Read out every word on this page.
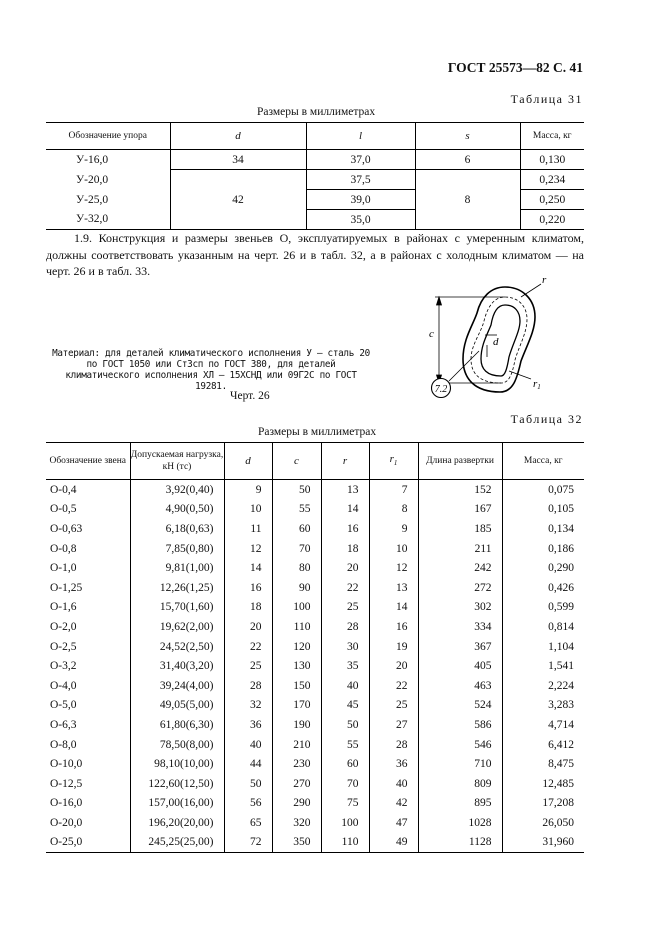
ГОСТ 25573—82 С. 41
Таблица 31
Размеры в миллиметрах
Обозначение упора	d	l	s	Масса, кг
У-16,0	34	37,0	6	0,130
У-20,0	42	37,5		0,234
У-25,0		39,0	8	0,250
У-32,0		35,0		0,220
1.9. Конструкция и размеры звеньев О, эксплуатируемых в районах с умеренным климатом, должны соответствовать указанным на черт. 26 и в табл. 32, а в районах с холодным климатом — на черт. 26 и в табл. 33.
Материал: для деталей климатического исполнения У – сталь 20 по ГОСТ 1050 или Ст3сп по ГОСТ 380, для деталей климатического исполнения ХЛ – 15ХСНД или 09Г2С по ГОСТ 19281.
Черт. 26
7.2
r
c
d
r1
Таблица 32
Размеры в миллиметрах
Обозначение звена	Допускаемая нагрузка, кН (тс)	d	c	r	$r_1$	Длина развертки	Масса, кг
О-0,4	3,92(0,40)	9	50	13	7	152	0,075
О-0,5	4,90(0,50)	10	55	14	8	167	0,105
О-0,63	6,18(0,63)	11	60	16	9	185	0,134
О-0,8	7,85(0,80)	12	70	18	10	211	0,186
О-1,0	9,81(1,00)	14	80	20	12	242	0,290
О-1,25	12,26(1,25)	16	90	22	13	272	0,426
О-1,6	15,70(1,60)	18	100	25	14	302	0,599
О-2,0	19,62(2,00)	20	110	28	16	334	0,814
О-2,5	24,52(2,50)	22	120	30	19	367	1,104
О-3,2	31,40(3,20)	25	130	35	20	405	1,541
О-4,0	39,24(4,00)	28	150	40	22	463	2,224
О-5,0	49,05(5,00)	32	170	45	25	524	3,283
О-6,3	61,80(6,30)	36	190	50	27	586	4,714
О-8,0	78,50(8,00)	40	210	55	28	546	6,412
О-10,0	98,10(10,00)	44	230	60	36	710	8,475
О-12,5	122,60(12,50)	50	270	70	40	809	12,485
О-16,0	157,00(16,00)	56	290	75	42	895	17,208
О-20,0	196,20(20,00)	65	320	100	47	1028	26,050
О-25,0	245,25(25,00)	72	350	110	49	1128	31,960
